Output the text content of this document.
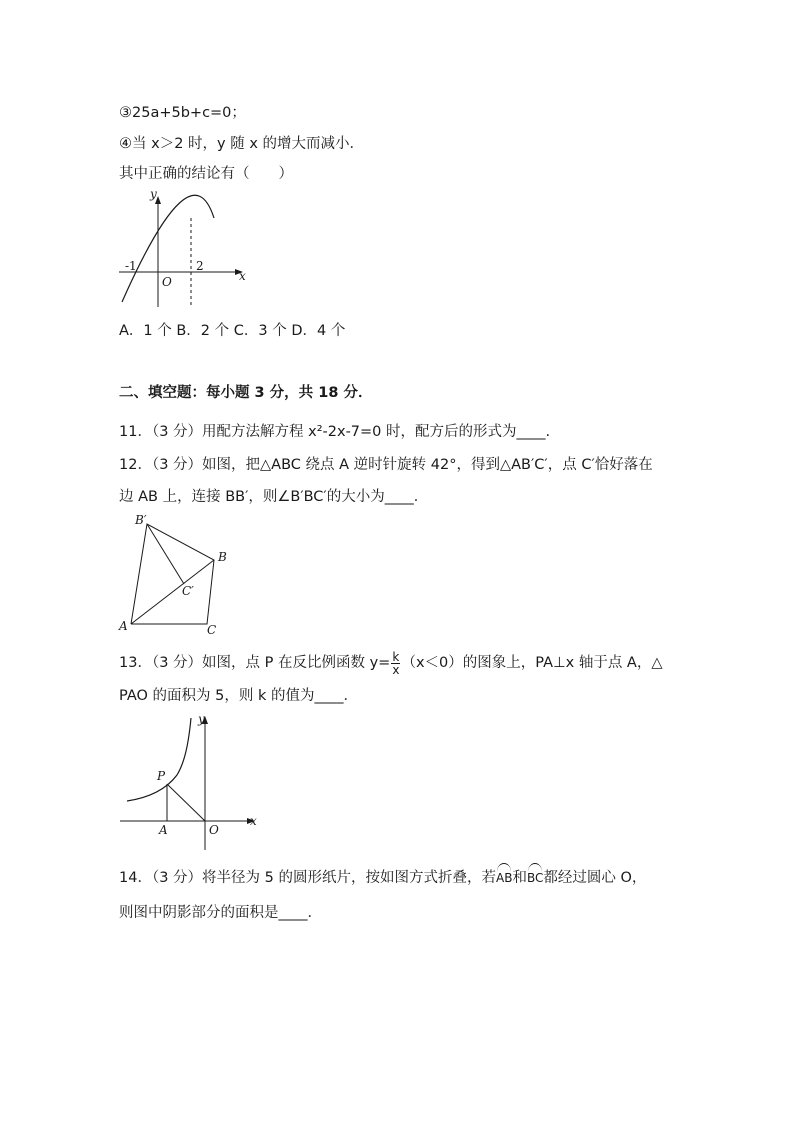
③25a+5b+c=0；
④当 x＞2 时，y 随 x 的增大而减小．
其中正确的结论有（　　）
y
x
O
-1	2
A．1 个 B．2 个 C．3 个 D．4 个
二、填空题：每小题 3 分，共 18 分．
11．（3 分）用配方法解方程 x²-2x-7=0 时，配方后的形式为____.
12．（3 分）如图，把△ABC 绕点 A 逆时针旋转 42°，得到△AB′C′，点 C′恰好落在
边 AB 上，连接 BB′，则∠B′BC′的大小为____．
B′
B
C′
A	C
13．（3 分）如图，点 P 在反比例函数 $y= \frac{k}{x} (x<0)$的图象上，PA⊥x 轴于点 A，△
PAO 的面积为 5，则 k 的值为____．
y
x
P
A	O
14．（3 分）将半径为 5 的圆形纸片，按如图方式折叠，若AB和BC都经过圆心 O，
则图中阴影部分的面积是____．
